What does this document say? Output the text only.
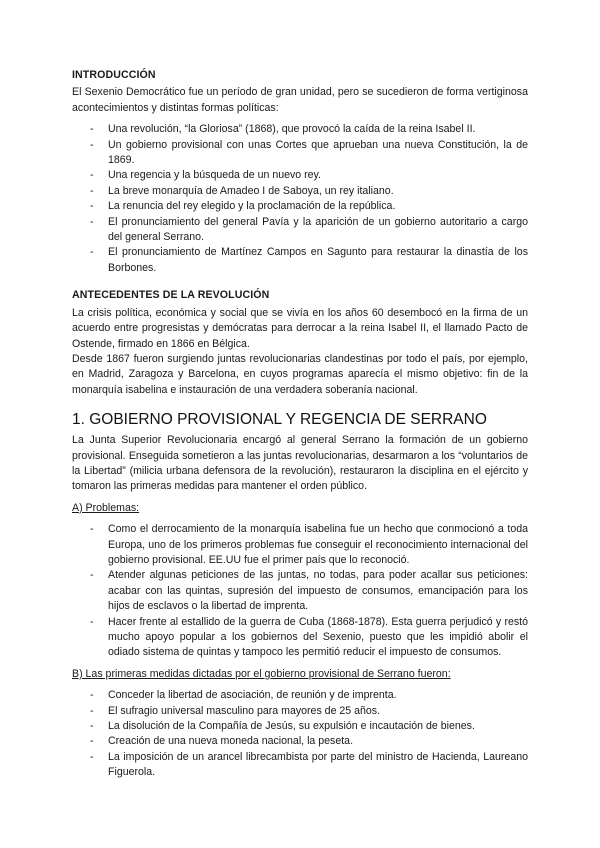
INTRODUCCIÓN

El Sexenio Democrático fue un período de gran unidad, pero se sucedieron de forma vertiginosa acontecimientos y distintas formas políticas:

- Una revolución, “la Gloriosa” (1868), que provocó la caída de la reina Isabel II.
- Un gobierno provisional con unas Cortes que aprueban una nueva Constitución, la de 1869.
- Una regencia y la búsqueda de un nuevo rey.
- La breve monarquía de Amadeo I de Saboya, un rey italiano.
- La renuncia del rey elegido y la proclamación de la república.
- El pronunciamiento del general Pavía y la aparición de un gobierno autoritario a cargo del general Serrano.
- El pronunciamiento de Martínez Campos en Sagunto para restaurar la dinastía de los Borbones.
ANTECEDENTES DE LA REVOLUCIÓN

La crisis política, económica y social que se vivía en los años 60 desembocó en la firma de un acuerdo entre progresistas y demócratas para derrocar a la reina Isabel II, el llamado Pacto de Ostende, firmado en 1866 en Bélgica.

Desde 1867 fueron surgiendo juntas revolucionarias clandestinas por todo el país, por ejemplo, en Madrid, Zaragoza y Barcelona, en cuyos programas aparecía el mismo objetivo: fin de la monarquía isabelina e instauración de una verdadera soberanía nacional.

1. GOBIERNO PROVISIONAL Y REGENCIA DE SERRANO

La Junta Superior Revolucionaria encargó al general Serrano la formación de un gobierno provisional. Enseguida sometieron a las juntas revolucionarias, desarmaron a los “voluntarios de la Libertad” (milicia urbana defensora de la revolución), restauraron la disciplina en el ejército y tomaron las primeras medidas para mantener el orden público.

A) Problemas:

- Como el derrocamiento de la monarquía isabelina fue un hecho que conmocionó a toda Europa, uno de los primeros problemas fue conseguir el reconocimiento internacional del gobierno provisional. EE.UU fue el primer país que lo reconoció.
- Atender algunas peticiones de las juntas, no todas, para poder acallar sus peticiones: acabar con las quintas, supresión del impuesto de consumos, emancipación para los hijos de esclavos o la libertad de imprenta.
- Hacer frente al estallido de la guerra de Cuba (1868-1878). Esta guerra perjudicó y restó mucho apoyo popular a los gobiernos del Sexenio, puesto que les impidió abolir el odiado sistema de quintas y tampoco les permitió reducir el impuesto de consumos.

B) Las primeras medidas dictadas por el gobierno provisional de Serrano fueron:

- Conceder la libertad de asociación, de reunión y de imprenta.
- El sufragio universal masculino para mayores de 25 años.
- La disolución de la Compañía de Jesús, su expulsión e incautación de bienes.
- Creación de una nueva moneda nacional, la peseta.
- La imposición de un arancel librecambista por parte del ministro de Hacienda, Laureano Figuerola.
